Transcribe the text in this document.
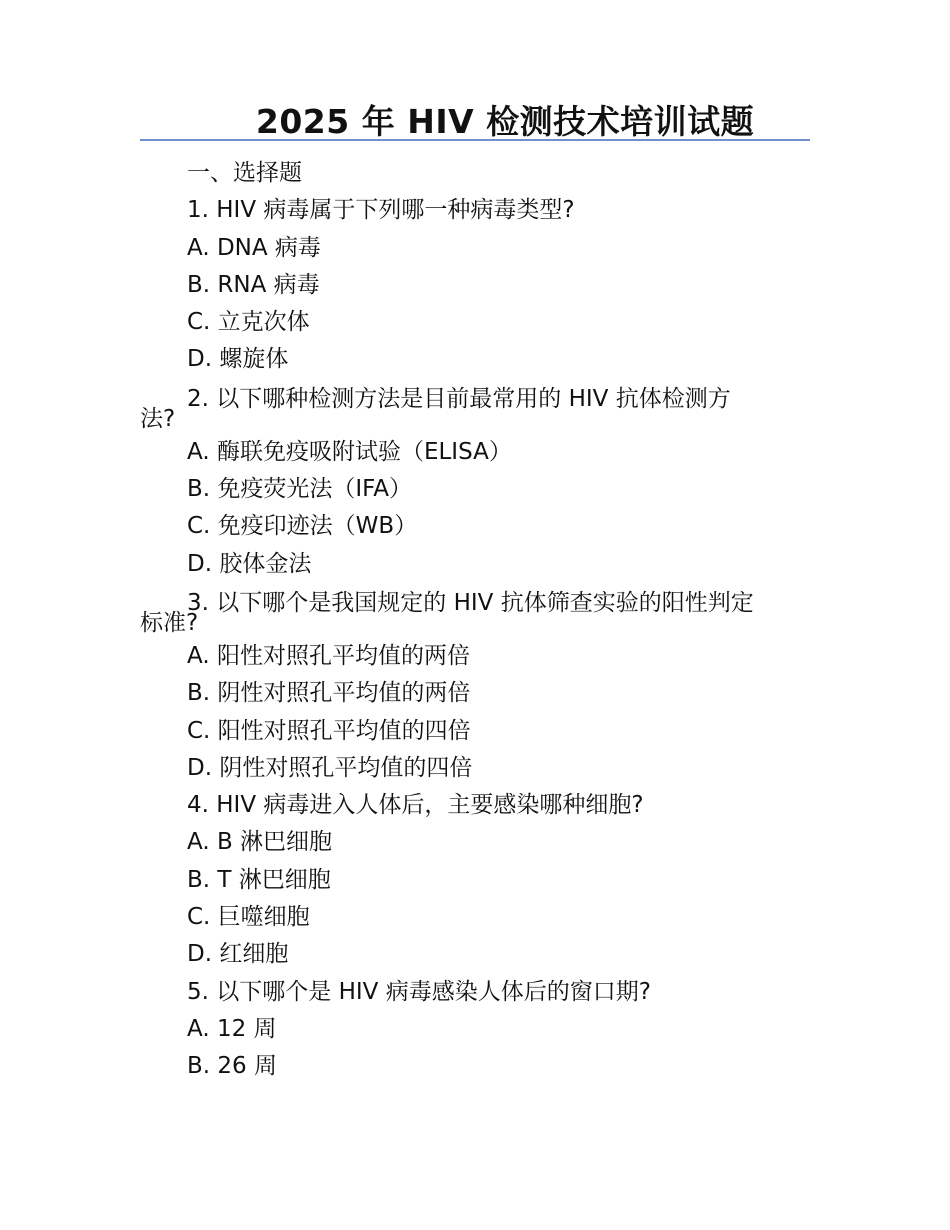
2025 年 HIV 检测技术培训试题
一、选择题
1. HIV 病毒属于下列哪一种病毒类型?
A. DNA 病毒
B. RNA 病毒
C. 立克次体
D. 螺旋体
2. 以下哪种检测方法是目前最常用的 HIV 抗体检测方
法?
A. 酶联免疫吸附试验（ELISA）
B. 免疫荧光法（IFA）
C. 免疫印迹法（WB）
D. 胶体金法
3. 以下哪个是我国规定的 HIV 抗体筛查实验的阳性判定
标准?
A. 阳性对照孔平均值的两倍
B. 阴性对照孔平均值的两倍
C. 阳性对照孔平均值的四倍
D. 阴性对照孔平均值的四倍
4. HIV 病毒进入人体后，主要感染哪种细胞?
A. B 淋巴细胞
B. T 淋巴细胞
C. 巨噬细胞
D. 红细胞
5. 以下哪个是 HIV 病毒感染人体后的窗口期?
A. 12 周
B. 26 周
